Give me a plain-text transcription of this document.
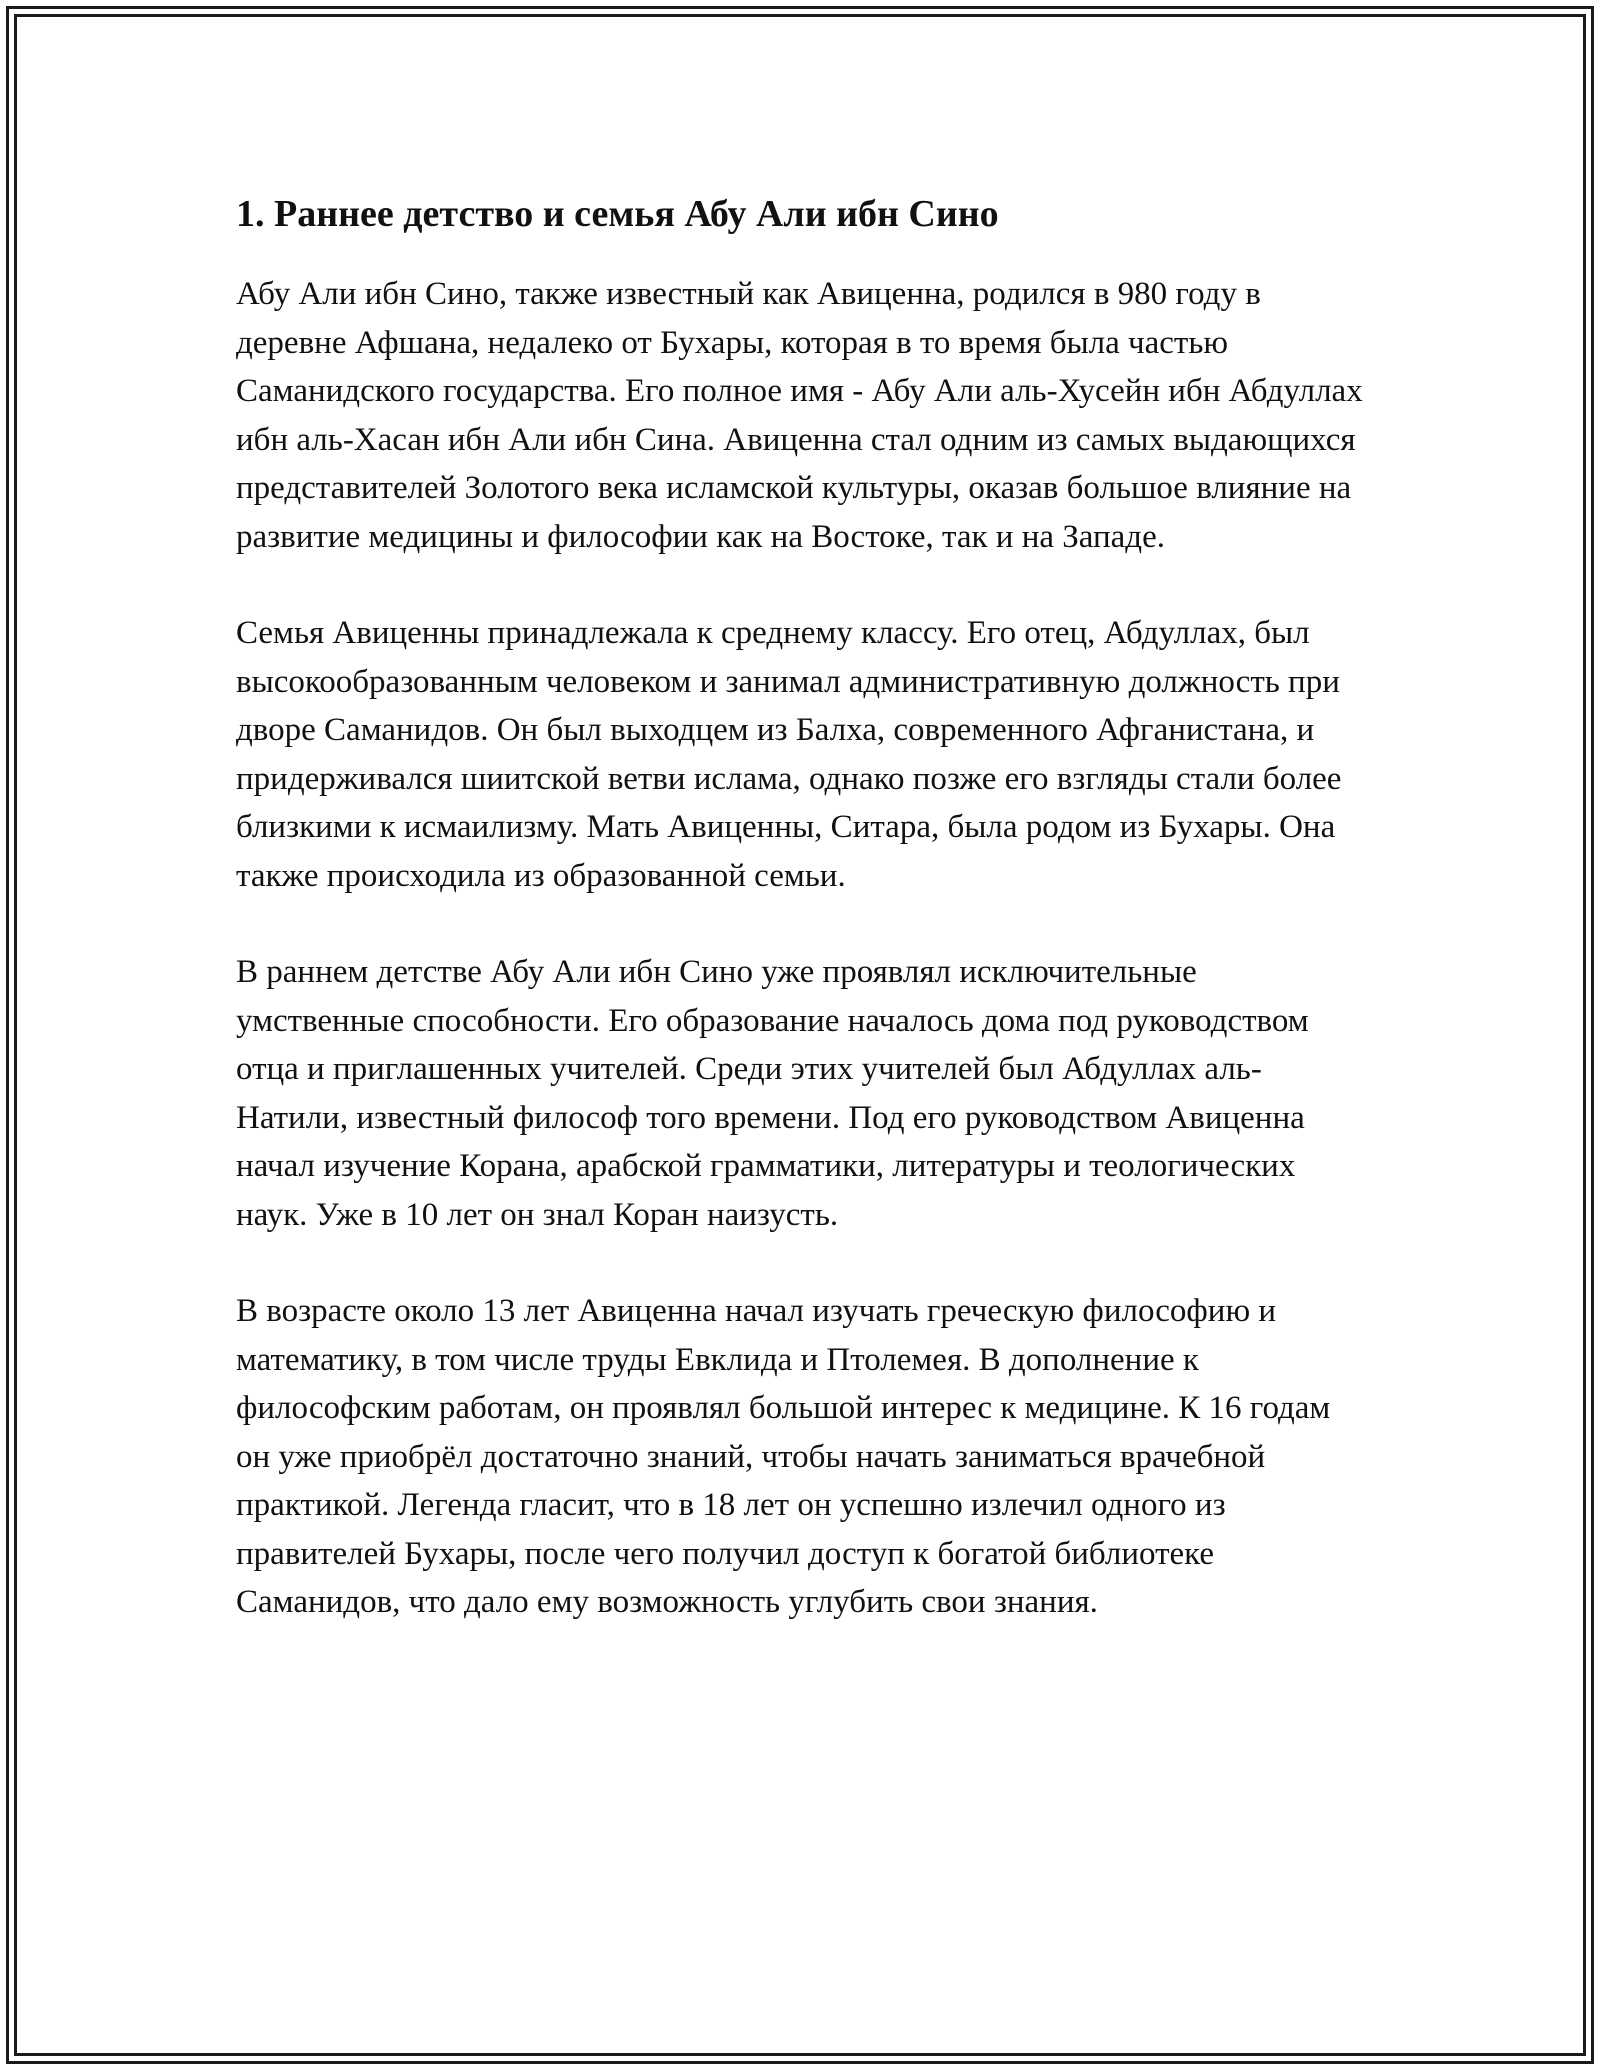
1. Раннее детство и семья Абу Али ибн Сино

Абу Али ибн Сино, также известный как Авиценна, родился в 980 году в деревне Афшана, недалеко от Бухары, которая в то время была частью Саманидского государства. Его полное имя - Абу Али аль-Хусейн ибн Абдуллах ибн аль-Хасан ибн Али ибн Сина. Авиценна стал одним из самых выдающихся представителей Золотого века исламской культуры, оказав большое влияние на развитие медицины и философии как на Востоке, так и на Западе.

Семья Авиценны принадлежала к среднему классу. Его отец, Абдуллах, был высокообразованным человеком и занимал административную должность при дворе Саманидов. Он был выходцем из Балха, современного Афганистана, и придерживался шиитской ветви ислама, однако позже его взгляды стали более близкими к исмаилизму. Мать Авиценны, Ситара, была родом из Бухары. Она также происходила из образованной семьи.

В раннем детстве Абу Али ибн Сино уже проявлял исключительные умственные способности. Его образование началось дома под руководством отца и приглашенных учителей. Среди этих учителей был Абдуллах аль-Натили, известный философ того времени. Под его руководством Авиценна начал изучение Корана, арабской грамматики, литературы и теологических наук. Уже в 10 лет он знал Коран наизусть.

В возрасте около 13 лет Авиценна начал изучать греческую философию и математику, в том числе труды Евклида и Птолемея. В дополнение к философским работам, он проявлял большой интерес к медицине. К 16 годам он уже приобрёл достаточно знаний, чтобы начать заниматься врачебной практикой. Легенда гласит, что в 18 лет он успешно излечил одного из правителей Бухары, после чего получил доступ к богатой библиотеке Саманидов, что дало ему возможность углубить свои знания.
